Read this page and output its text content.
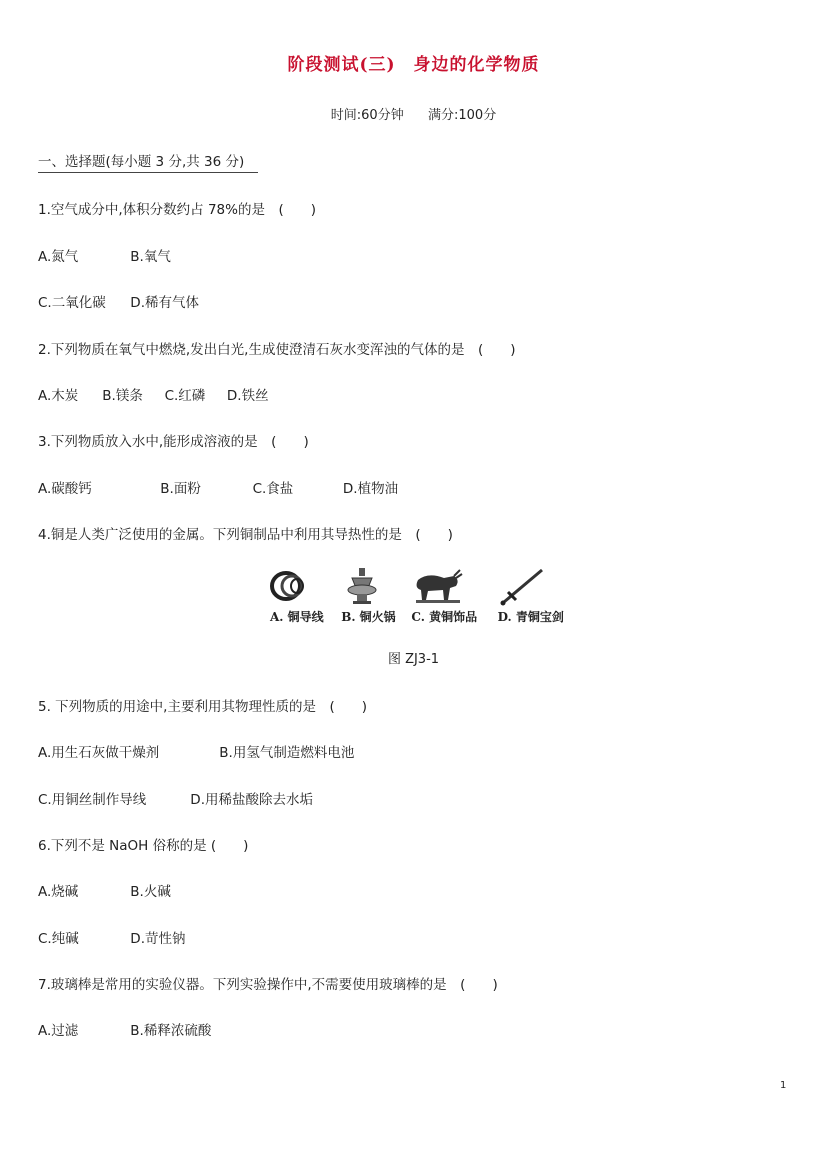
阶段测试(三)　身边的化学物质
时间:60分钟 满分:100分
一、选择题(每小题 3 分,共 36 分)
1.空气成分中,体积分数约占 78%的是　(　　)
A.氮气	B.氧气
C.二氧化碳 D.稀有气体
2.下列物质在氧气中燃烧,发出白光,生成使澄清石灰水变浑浊的气体的是　(　　)
A.木炭 B.镁条 C.红磷 D.铁丝
3.下列物质放入水中,能形成溶液的是　(　　)
A.碳酸钙	B.面粉	C.食盐	D.植物油
4.铜是人类广泛使用的金属。下列铜制品中利用其导热性的是　(　　)
A. 铜导线 B. 铜火锅 C. 黄铜饰品 D. 青铜宝剑
图 ZJ3-1
5. 下列物质的用途中,主要利用其物理性质的是　(　　)
A.用生石灰做干燥剂	B.用氢气制造燃料电池
C.用铜丝制作导线	D.用稀盐酸除去水垢
6.下列不是 NaOH 俗称的是 (　　)
A.烧碱	B.火碱
C.纯碱	D.苛性钠
7.玻璃棒是常用的实验仪器。下列实验操作中,不需要使用玻璃棒的是　(　　)
A.过滤	B.稀释浓硫酸
1
